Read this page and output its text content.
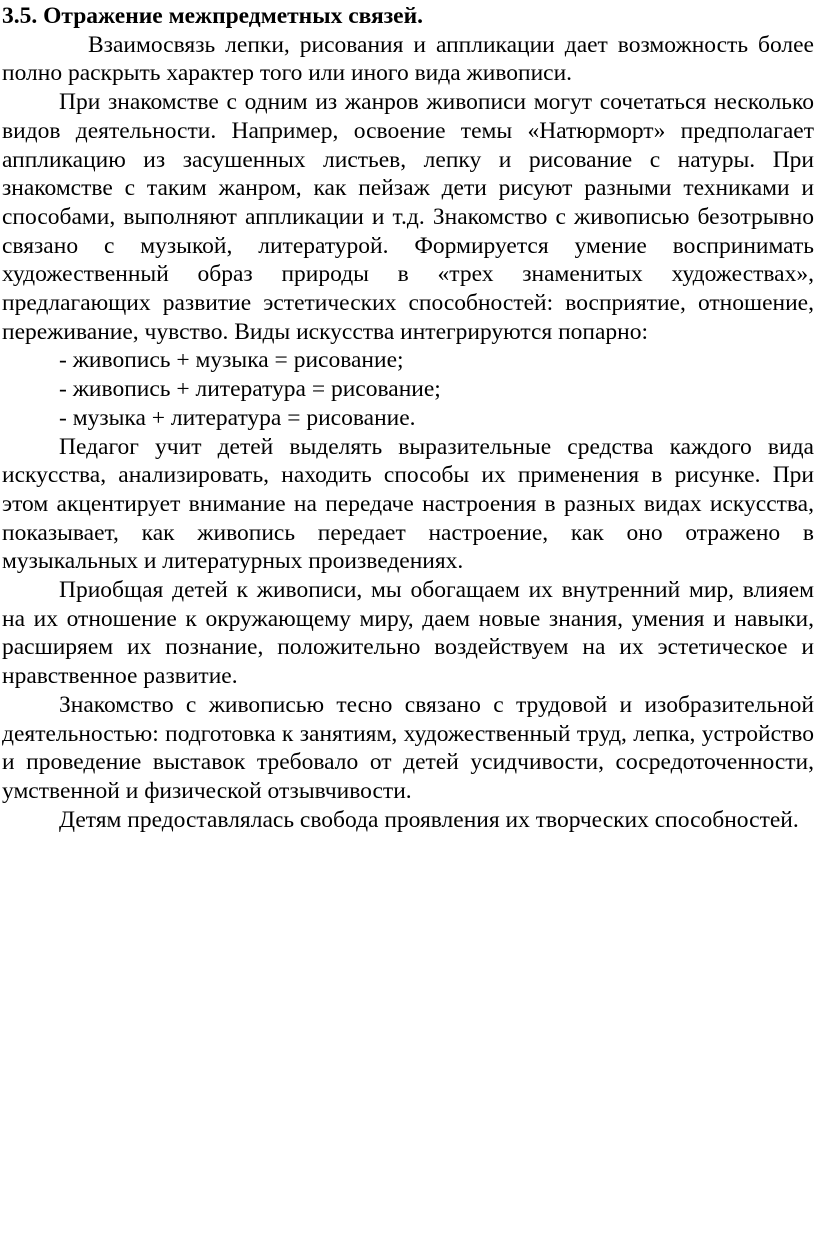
3.5. Отражение межпредметных связей.

Взаимосвязь лепки, рисования и аппликации дает возможность более полно раскрыть характер того или иного вида живописи.

При знакомстве с одним из жанров живописи могут сочетаться несколько видов деятельности. Например, освоение темы «Натюрморт» предполагает аппликацию из засушенных листьев, лепку и рисование с натуры. При знакомстве с таким жанром, как пейзаж дети рисуют разными техниками и способами, выполняют аппликации и т.д. Знакомство с живописью безотрывно связано с музыкой, литературой. Формируется умение воспринимать художественный образ природы в «трех знаменитых художествах», предлагающих развитие эстетических способностей: восприятие, отношение, переживание, чувство. Виды искусства интегрируются попарно:

- живопись + музыка = рисование;

- живопись + литература = рисование;

- музыка + литература = рисование.

Педагог учит детей выделять выразительные средства каждого вида искусства, анализировать, находить способы их применения в рисунке. При этом акцентирует внимание на передаче настроения в разных видах искусства, показывает, как живопись передает настроение, как оно отражено в музыкальных и литературных произведениях.

Приобщая детей к живописи, мы обогащаем их внутренний мир, влияем на их отношение к окружающему миру, даем новые знания, умения и навыки, расширяем их познание, положительно воздействуем на их эстетическое и нравственное развитие.

Знакомство с живописью тесно связано с трудовой и изобразительной деятельностью: подготовка к занятиям, художественный труд, лепка, устройство и проведение выставок требовало от детей усидчивости, сосредоточенности, умственной и физической отзывчивости.

Детям предоставлялась свобода проявления их творческих способностей.
